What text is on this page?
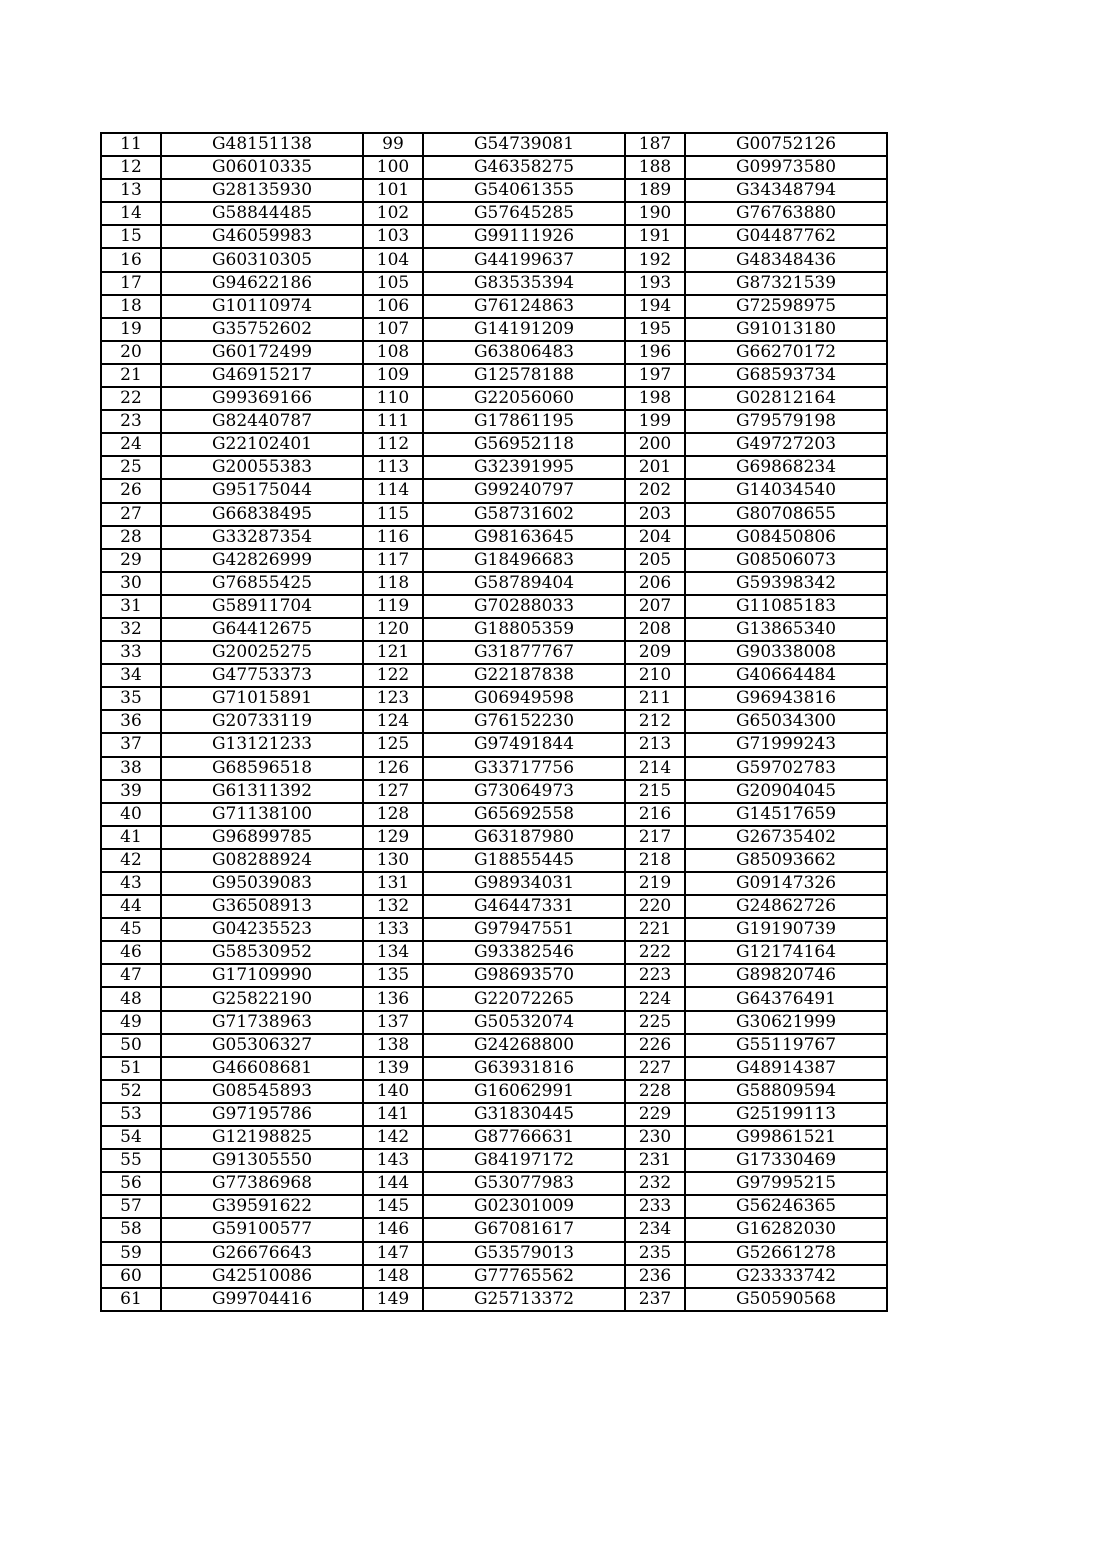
11	G48151138	99	G54739081	187	G00752126
12	G06010335	100	G46358275	188	G09973580
13	G28135930	101	G54061355	189	G34348794
14	G58844485	102	G57645285	190	G76763880
15	G46059983	103	G99111926	191	G04487762
16	G60310305	104	G44199637	192	G48348436
17	G94622186	105	G83535394	193	G87321539
18	G10110974	106	G76124863	194	G72598975
19	G35752602	107	G14191209	195	G91013180
20	G60172499	108	G63806483	196	G66270172
21	G46915217	109	G12578188	197	G68593734
22	G99369166	110	G22056060	198	G02812164
23	G82440787	111	G17861195	199	G79579198
24	G22102401	112	G56952118	200	G49727203
25	G20055383	113	G32391995	201	G69868234
26	G95175044	114	G99240797	202	G14034540
27	G66838495	115	G58731602	203	G80708655
28	G33287354	116	G98163645	204	G08450806
29	G42826999	117	G18496683	205	G08506073
30	G76855425	118	G58789404	206	G59398342
31	G58911704	119	G70288033	207	G11085183
32	G64412675	120	G18805359	208	G13865340
33	G20025275	121	G31877767	209	G90338008
34	G47753373	122	G22187838	210	G40664484
35	G71015891	123	G06949598	211	G96943816
36	G20733119	124	G76152230	212	G65034300
37	G13121233	125	G97491844	213	G71999243
38	G68596518	126	G33717756	214	G59702783
39	G61311392	127	G73064973	215	G20904045
40	G71138100	128	G65692558	216	G14517659
41	G96899785	129	G63187980	217	G26735402
42	G08288924	130	G18855445	218	G85093662
43	G95039083	131	G98934031	219	G09147326
44	G36508913	132	G46447331	220	G24862726
45	G04235523	133	G97947551	221	G19190739
46	G58530952	134	G93382546	222	G12174164
47	G17109990	135	G98693570	223	G89820746
48	G25822190	136	G22072265	224	G64376491
49	G71738963	137	G50532074	225	G30621999
50	G05306327	138	G24268800	226	G55119767
51	G46608681	139	G63931816	227	G48914387
52	G08545893	140	G16062991	228	G58809594
53	G97195786	141	G31830445	229	G25199113
54	G12198825	142	G87766631	230	G99861521
55	G91305550	143	G84197172	231	G17330469
56	G77386968	144	G53077983	232	G97995215
57	G39591622	145	G02301009	233	G56246365
58	G59100577	146	G67081617	234	G16282030
59	G26676643	147	G53579013	235	G52661278
60	G42510086	148	G77765562	236	G23333742
61	G99704416	149	G25713372	237	G50590568
